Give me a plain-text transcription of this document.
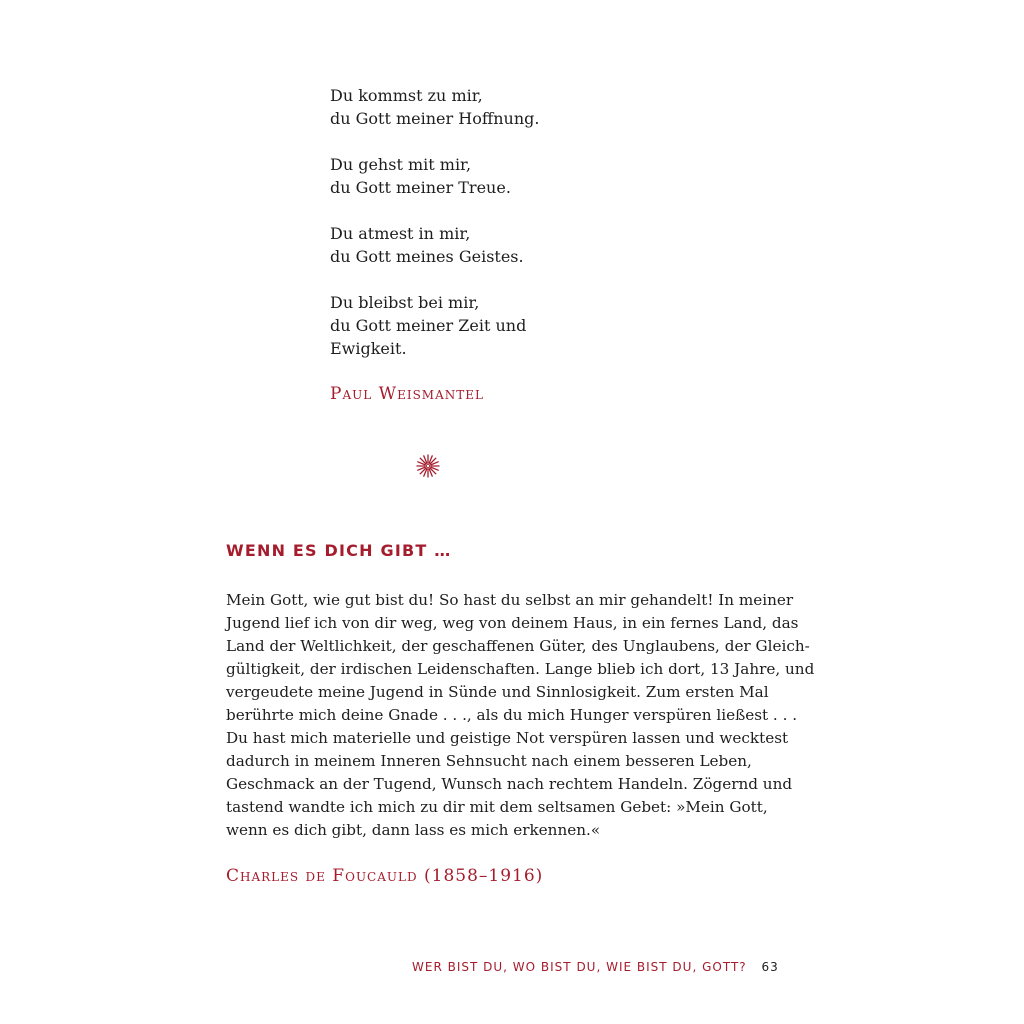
Du kommst zu mir,
du Gott meiner Hoffnung.
Du gehst mit mir,
du Gott meiner Treue.
Du atmest in mir,
du Gott meines Geistes.
Du bleibst bei mir,
du Gott meiner Zeit und
Ewigkeit.
Paul Weismantel
WENN ES DICH GIBT …
Mein Gott, wie gut bist du! So hast du selbst an mir gehandelt! In meiner
Jugend lief ich von dir weg, weg von deinem Haus, in ein fernes Land, das
Land der Weltlichkeit, der geschaffenen Güter, des Unglaubens, der Gleich-
gültigkeit, der irdischen Leidenschaften. Lange blieb ich dort, 13 Jahre, und
vergeudete meine Jugend in Sünde und Sinnlosigkeit. Zum ersten Mal
berührte mich deine Gnade . . ., als du mich Hunger verspüren ließest . . .
Du hast mich materielle und geistige Not verspüren lassen und wecktest
dadurch in meinem Inneren Sehnsucht nach einem besseren Leben,
Geschmack an der Tugend, Wunsch nach rechtem Handeln. Zögernd und
tastend wandte ich mich zu dir mit dem seltsamen Gebet: »Mein Gott,
wenn es dich gibt, dann lass es mich erkennen.«
Charles de Foucauld (1858–1916)
WER BIST DU, WO BIST DU, WIE BIST DU, GOTT? 63
